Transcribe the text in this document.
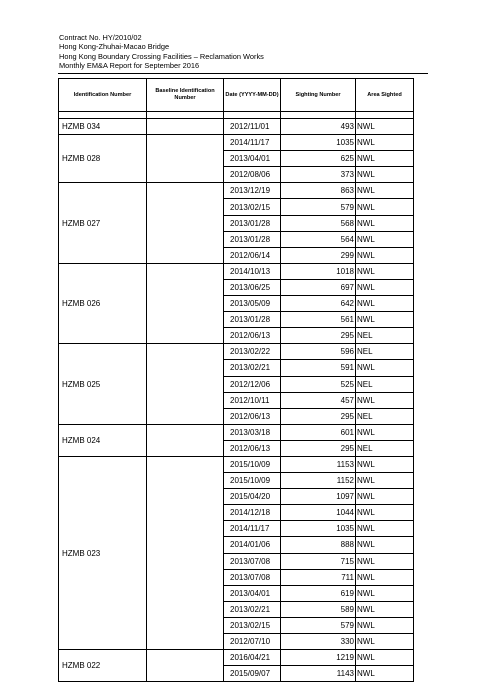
Contract No. HY/2010/02
Hong Kong-Zhuhai-Macao Bridge
Hong Kong Boundary Crossing Facilities – Reclamation Works
Monthly EM&A Report for September 2016
Identification Number	Baseline Identification Number	Date (YYYY-MM-DD)	Sighting Number	Area Sighted

HZMB 034		2012/11/01	493	NWL
HZMB 028		2014/11/17	1035	NWL
		2013/04/01	625	NWL
		2012/08/06	373	NWL
HZMB 027		2013/12/19	863	NWL
		2013/02/15	579	NWL
		2013/01/28	568	NWL
		2013/01/28	564	NWL
		2012/06/14	299	NWL
HZMB 026		2014/10/13	1018	NWL
		2013/06/25	697	NWL
		2013/05/09	642	NWL
		2013/01/28	561	NWL
		2012/06/13	295	NEL
HZMB 025		2013/02/22	596	NEL
		2013/02/21	591	NWL
		2012/12/06	525	NEL
		2012/10/11	457	NWL
		2012/06/13	295	NEL
HZMB 024		2013/03/18	601	NWL
		2012/06/13	295	NEL
HZMB 023		2015/10/09	1153	NWL
		2015/10/09	1152	NWL
		2015/04/20	1097	NWL
		2014/12/18	1044	NWL
		2014/11/17	1035	NWL
		2014/01/06	888	NWL
		2013/07/08	715	NWL
		2013/07/08	711	NWL
		2013/04/01	619	NWL
		2013/02/21	589	NWL
		2013/02/15	579	NWL
		2012/07/10	330	NWL
HZMB 022		2016/04/21	1219	NWL
		2015/09/07	1143	NWL
